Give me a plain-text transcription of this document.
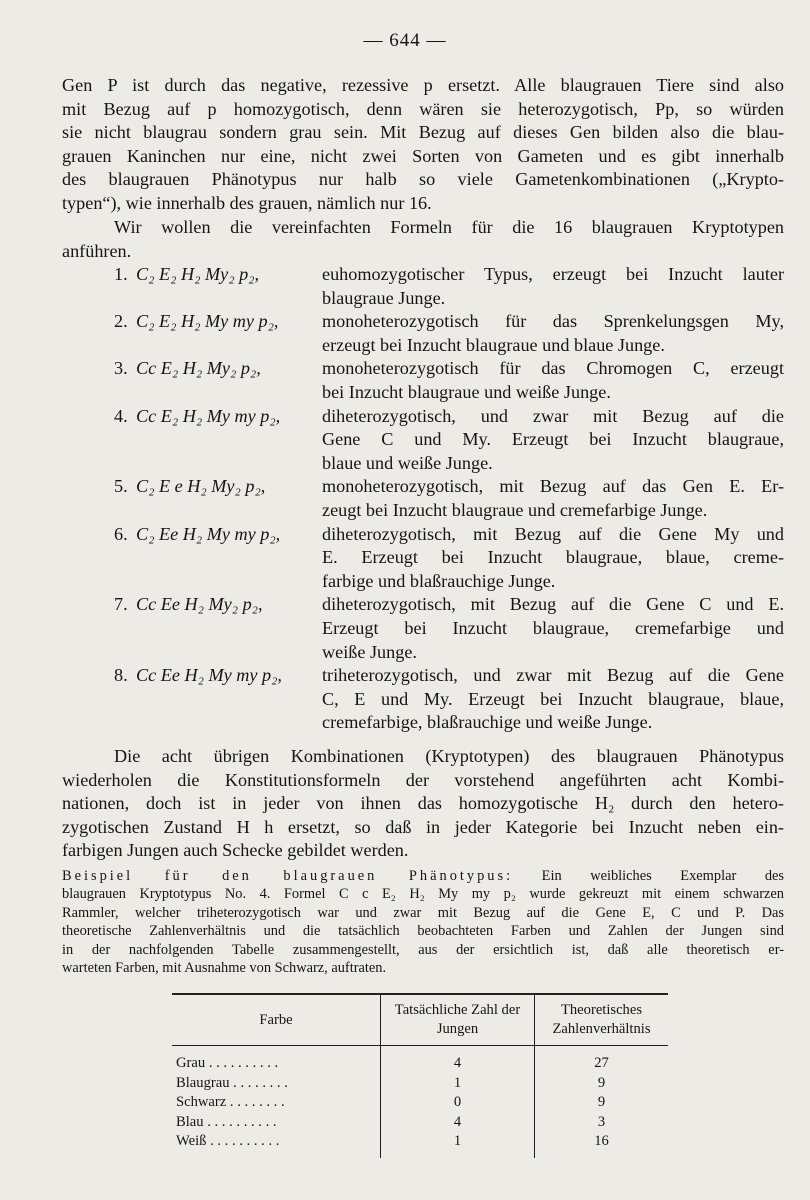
— 644 —
Gen P ist durch das negative, rezessive p ersetzt. Alle blaugrauen Tiere sind also
mit Bezug auf p homozygotisch, denn wären sie heterozygotisch, Pp, so würden
sie nicht blaugrau sondern grau sein. Mit Bezug auf dieses Gen bilden also die blau-
grauen Kaninchen nur eine, nicht zwei Sorten von Gameten und es gibt innerhalb
des blaugrauen Phänotypus nur halb so viele Gametenkombinationen („Krypto-
typen“), wie innerhalb des grauen, nämlich nur 16.
Wir wollen die vereinfachten Formeln für die 16 blaugrauen Kryptotypen
anführen.
1. C₂ E₂ H₂ My₂ p₂,	euhomozygotischer Typus, erzeugt bei Inzucht lauter
blaugraue Junge.
2. C₂ E₂ H₂ My my p₂,	monoheterozygotisch für das Sprenkelungsgen My,
erzeugt bei Inzucht blaugraue und blaue Junge.
3. Cc E₂ H₂ My₂ p₂,	monoheterozygotisch für das Chromogen C, erzeugt
bei Inzucht blaugraue und weiße Junge.
4. Cc E₂ H₂ My my p₂,	diheterozygotisch, und zwar mit Bezug auf die
Gene C und My. Erzeugt bei Inzucht blaugraue,
blaue und weiße Junge.
5. C₂ E e H₂ My₂ p₂,	monoheterozygotisch, mit Bezug auf das Gen E. Er-
zeugt bei Inzucht blaugraue und cremefarbige Junge.
6. C₂ Ee H₂ My my p₂,	diheterozygotisch, mit Bezug auf die Gene My und
E. Erzeugt bei Inzucht blaugraue, blaue, creme-
farbige und blaßrauchige Junge.
7. Cc Ee H₂ My₂ p₂,	diheterozygotisch, mit Bezug auf die Gene C und E.
Erzeugt bei Inzucht blaugraue, cremefarbige und
weiße Junge.
8. Cc Ee H₂ My my p₂,	triheterozygotisch, und zwar mit Bezug auf die Gene
C, E und My. Erzeugt bei Inzucht blaugraue, blaue,
cremefarbige, blaßrauchige und weiße Junge.
Die acht übrigen Kombinationen (Kryptotypen) des blaugrauen Phänotypus
wiederholen die Konstitutionsformeln der vorstehend angeführten acht Kombi-
nationen, doch ist in jeder von ihnen das homozygotische H₂ durch den hetero-
zygotischen Zustand H h ersetzt, so daß in jeder Kategorie bei Inzucht neben ein-
farbigen Jungen auch Schecke gebildet werden.
Beispiel für den blaugrauen Phänotypus: Ein weibliches Exemplar des
blaugrauen Kryptotypus No. 4. Formel C c E₂ H₂ My my p₂ wurde gekreuzt mit einem schwarzen
Rammler, welcher triheterozygotisch war und zwar mit Bezug auf die Gene E, C und P. Das
theoretische Zahlenverhältnis und die tatsächlich beobachteten Farben und Zahlen der Jungen sind
in der nachfolgenden Tabelle zusammengestellt, aus der ersichtlich ist, daß alle theoretisch er-
warteten Farben, mit Ausnahme von Schwarz, auftraten.
Farbe	Tatsächliche Zahl der Jungen	Theoretisches Zahlenverhältnis
Grau . . . . . . . . . .	4	27
Blaugrau . . . . . . . .	1	9
Schwarz . . . . . . . .	0	9
Blau . . . . . . . . . .	4	3
Weiß . . . . . . . . . .	1	16
